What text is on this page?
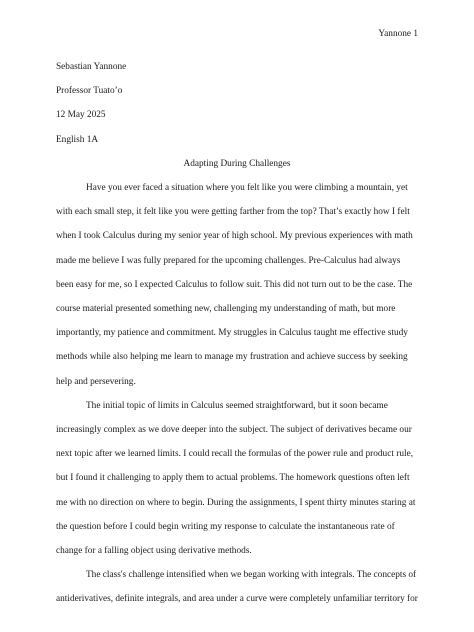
Yannone 1

Sebastian Yannone

Professor Tuato’o

12 May 2025

English 1A

Adapting During Challenges

Have you ever faced a situation where you felt like you were climbing a mountain, yet
with each small step, it felt like you were getting farther from the top? That’s exactly how I felt
when I took Calculus during my senior year of high school. My previous experiences with math
made me believe I was fully prepared for the upcoming challenges. Pre-Calculus had always
been easy for me, so I expected Calculus to follow suit. This did not turn out to be the case. The
course material presented something new, challenging my understanding of math, but more
importantly, my patience and commitment. My struggles in Calculus taught me effective study
methods while also helping me learn to manage my frustration and achieve success by seeking
help and persevering.

The initial topic of limits in Calculus seemed straightforward, but it soon became
increasingly complex as we dove deeper into the subject. The subject of derivatives became our
next topic after we learned limits. I could recall the formulas of the power rule and product rule,
but I found it challenging to apply them to actual problems. The homework questions often left
me with no direction on where to begin. During the assignments, I spent thirty minutes staring at
the question before I could begin writing my response to calculate the instantaneous rate of
change for a falling object using derivative methods.

The class's challenge intensified when we began working with integrals. The concepts of
antiderivatives, definite integrals, and area under a curve were completely unfamiliar territory for
